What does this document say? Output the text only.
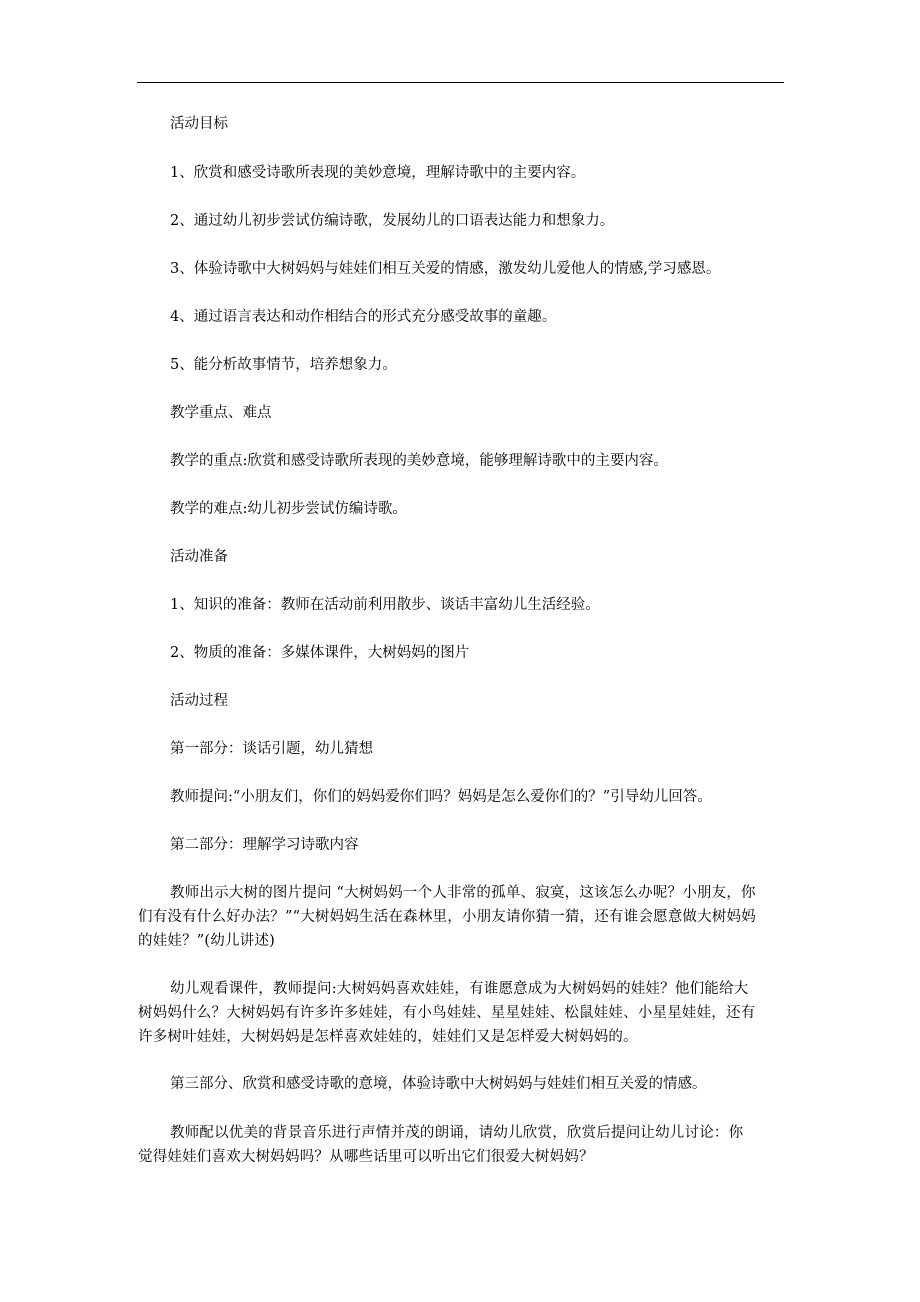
活动目标
1、欣赏和感受诗歌所表现的美妙意境，理解诗歌中的主要内容。
2、通过幼儿初步尝试仿编诗歌，发展幼儿的口语表达能力和想象力。
3、体验诗歌中大树妈妈与娃娃们相互关爱的情感，激发幼儿爱他人的情感,学习感恩。
4、通过语言表达和动作相结合的形式充分感受故事的童趣。
5、能分析故事情节，培养想象力。
教学重点、难点
教学的重点:欣赏和感受诗歌所表现的美妙意境，能够理解诗歌中的主要内容。
教学的难点:幼儿初步尝试仿编诗歌。
活动准备
1、知识的准备：教师在活动前利用散步、谈话丰富幼儿生活经验。
2、物质的准备：多媒体课件，大树妈妈的图片
活动过程
第一部分：谈话引题，幼儿猜想
教师提问:“小朋友们，你们的妈妈爱你们吗？妈妈是怎么爱你们的？”引导幼儿回答。
第二部分：理解学习诗歌内容
教师出示大树的图片提问 “大树妈妈一个人非常的孤单、寂寞，这该怎么办呢？小朋友，你们有没有什么好办法？”“大树妈妈生活在森林里，小朋友请你猜一猜，还有谁会愿意做大树妈妈的娃娃？”(幼儿讲述)
幼儿观看课件，教师提问:大树妈妈喜欢娃娃，有谁愿意成为大树妈妈的娃娃？他们能给大树妈妈什么？大树妈妈有许多许多娃娃，有小鸟娃娃、星星娃娃、松鼠娃娃、小星星娃娃，还有许多树叶娃娃，大树妈妈是怎样喜欢娃娃的，娃娃们又是怎样爱大树妈妈的。
第三部分、欣赏和感受诗歌的意境，体验诗歌中大树妈妈与娃娃们相互关爱的情感。
教师配以优美的背景音乐进行声情并茂的朗诵，请幼儿欣赏，欣赏后提问让幼儿讨论：你觉得娃娃们喜欢大树妈妈吗？从哪些话里可以听出它们很爱大树妈妈？
